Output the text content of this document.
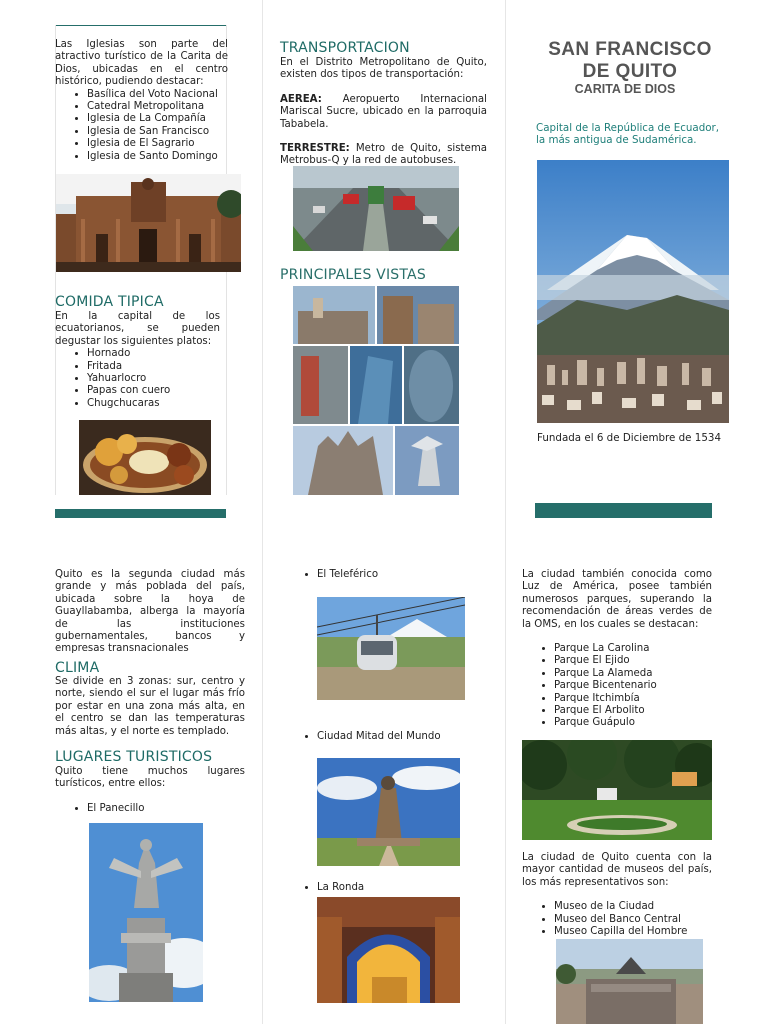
Las Iglesias son parte del atractivo turístico de la Carita de Dios, ubicadas en el centro histórico, pudiendo destacar:

• Basílica del Voto Nacional
• Catedral Metropolitana
• Iglesia de La Compañía
• Iglesia de San Francisco
• Iglesia de El Sagrario
• Iglesia de Santo Domingo
COMIDA TIPICA

En la capital de los ecuatorianos, se pueden degustar los siguientes platos:

• Hornado
• Fritada
• Yahuarlocro
• Papas con cuero
• Chugchucaras
TRANSPORTACION

En el Distrito Metropolitano de Quito, existen dos tipos de transportación:

AEREA: Aeropuerto Internacional Mariscal Sucre, ubicado en la parroquia Tababela.

TERRESTRE: Metro de Quito, sistema Metrobus-Q y la red de autobuses.

PRINCIPALES VISTAS
SAN FRANCISCO
DE QUITO
CARITA DE DIOS
Capital de la República de Ecuador, la más antigua de Sudamérica.
Fundada el 6 de Diciembre de 1534

Quito es la segunda ciudad más grande y más poblada del país, ubicada sobre la hoya de Guayllabamba, alberga la mayoría de las instituciones gubernamentales, bancos y empresas transnacionales

CLIMA

Se divide en 3 zonas: sur, centro y norte, siendo el sur el lugar más frío por estar en una zona más alta, en el centro se dan las temperaturas más altas, y el norte es templado.

LUGARES TURISTICOS

Quito tiene muchos lugares turísticos, entre ellos:

• El Panecillo
• El Teleférico
• Ciudad Mitad del Mundo
• La Ronda

La ciudad también conocida como Luz de América, posee también numerosos parques, superando la recomendación de áreas verdes de la OMS, en los cuales se destacan:

• Parque La Carolina
• Parque El Ejido
• Parque La Alameda
• Parque Bicentenario
• Parque Itchimbía
• Parque El Arbolito
• Parque Guápulo

La ciudad de Quito cuenta con la mayor cantidad de museos del país, los más representativos son:

• Museo de la Ciudad
• Museo del Banco Central
• Museo Capilla del Hombre
